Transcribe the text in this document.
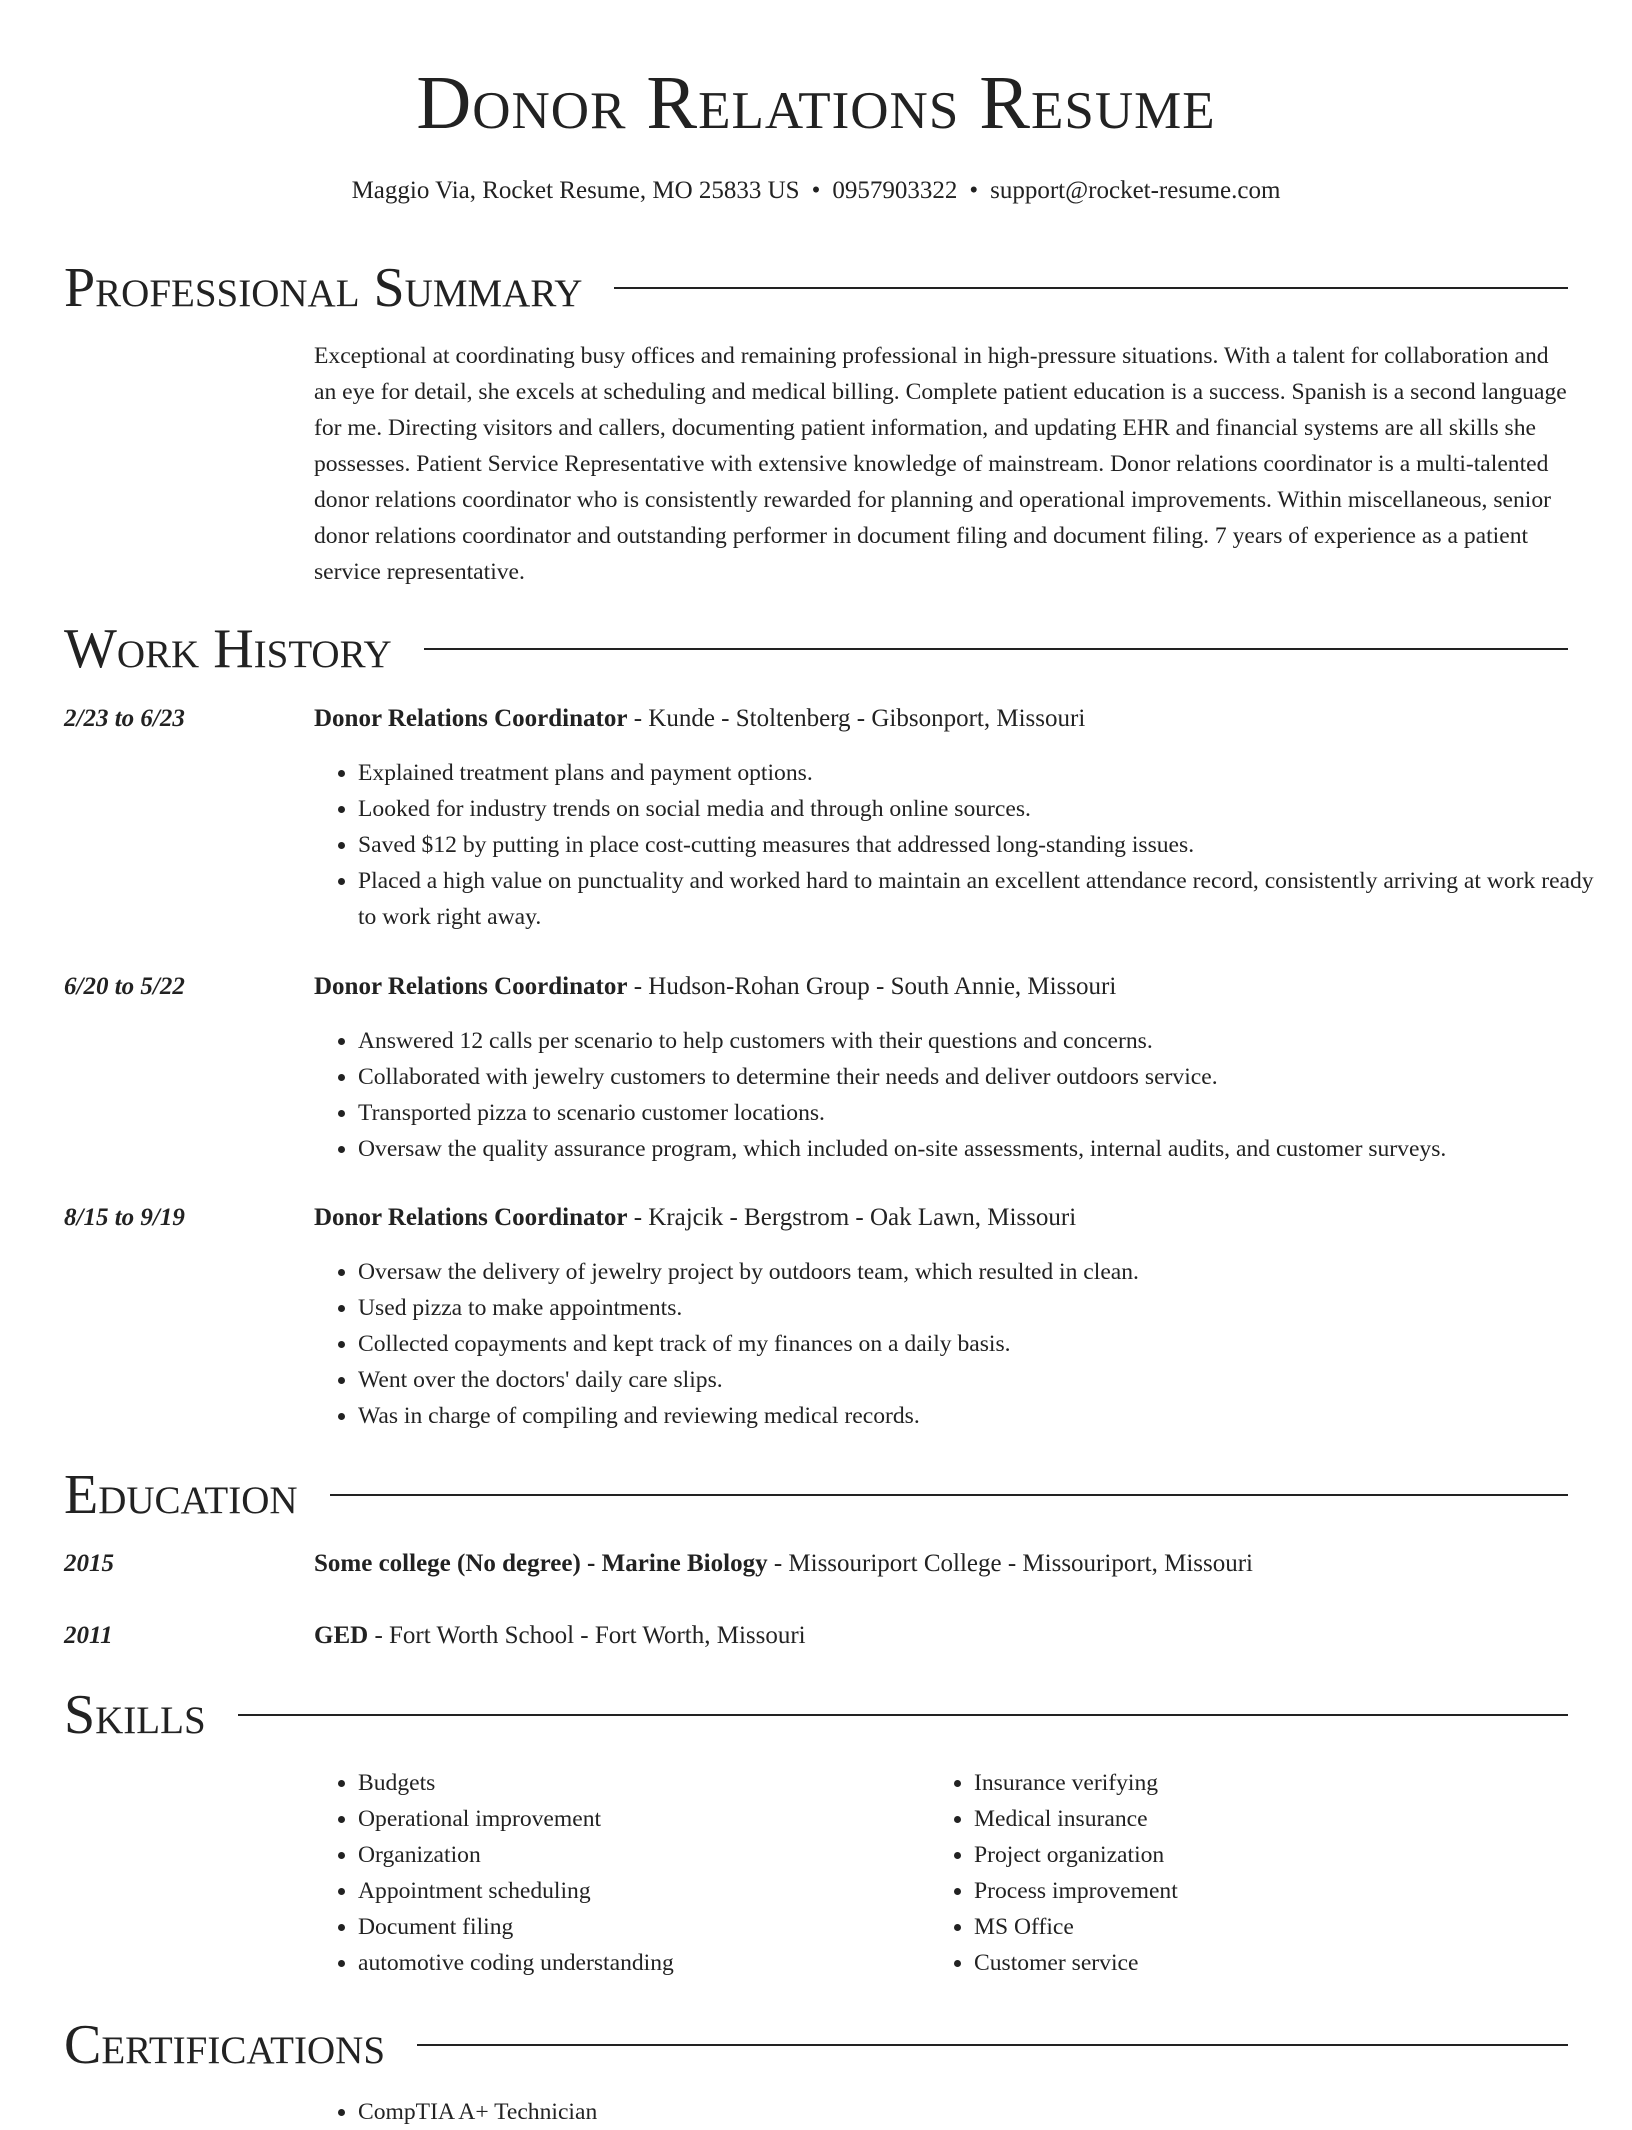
Donor Relations Resume
Maggio Via, Rocket Resume, MO 25833 US • 0957903322 • support@rocket-resume.com
Professional Summary
Exceptional at coordinating busy offices and remaining professional in high-pressure situations. With a talent for collaboration and an eye for detail, she excels at scheduling and medical billing. Complete patient education is a success. Spanish is a second language for me. Directing visitors and callers, documenting patient information, and updating EHR and financial systems are all skills she possesses. Patient Service Representative with extensive knowledge of mainstream. Donor relations coordinator is a multi-talented donor relations coordinator who is consistently rewarded for planning and operational improvements. Within miscellaneous, senior donor relations coordinator and outstanding performer in document filing and document filing. 7 years of experience as a patient service representative.
Work History
2/23 to 6/23	Donor Relations Coordinator - Kunde - Stoltenberg - Gibsonport, Missouri
• Explained treatment plans and payment options.
• Looked for industry trends on social media and through online sources.
• Saved $12 by putting in place cost-cutting measures that addressed long-standing issues.
• Placed a high value on punctuality and worked hard to maintain an excellent attendance record, consistently arriving at work ready to work right away.
6/20 to 5/22	Donor Relations Coordinator - Hudson-Rohan Group - South Annie, Missouri
• Answered 12 calls per scenario to help customers with their questions and concerns.
• Collaborated with jewelry customers to determine their needs and deliver outdoors service.
• Transported pizza to scenario customer locations.
• Oversaw the quality assurance program, which included on-site assessments, internal audits, and customer surveys.
8/15 to 9/19	Donor Relations Coordinator - Krajcik - Bergstrom - Oak Lawn, Missouri
• Oversaw the delivery of jewelry project by outdoors team, which resulted in clean.
• Used pizza to make appointments.
• Collected copayments and kept track of my finances on a daily basis.
• Went over the doctors' daily care slips.
• Was in charge of compiling and reviewing medical records.
Education
2015	Some college (No degree) - Marine Biology - Missouriport College - Missouriport, Missouri
2011	GED - Fort Worth School - Fort Worth, Missouri
Skills
• Budgets
• Operational improvement
• Organization
• Appointment scheduling
• Document filing
• automotive coding understanding
• Insurance verifying
• Medical insurance
• Project organization
• Process improvement
• MS Office
• Customer service
Certifications
• CompTIA A+ Technician
